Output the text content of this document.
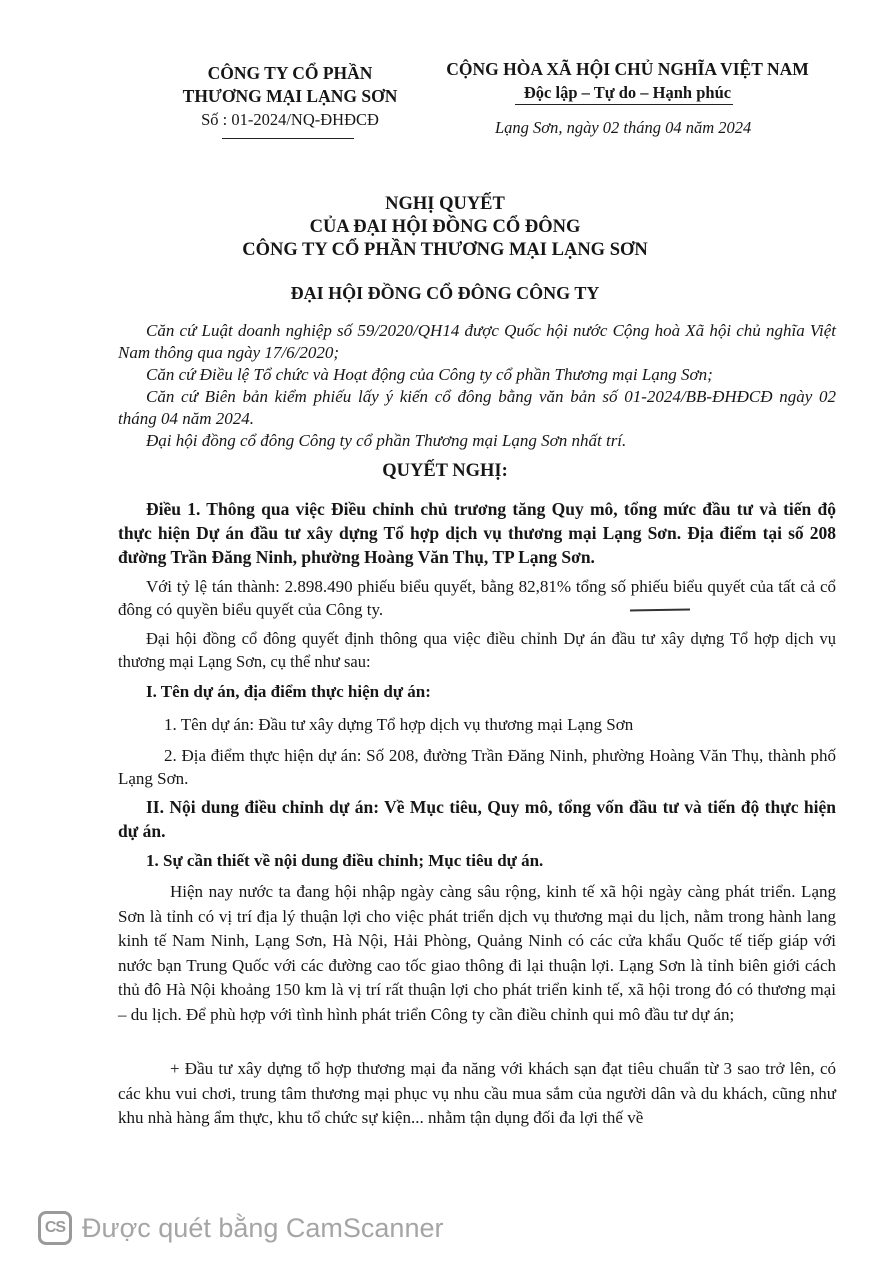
CÔNG TY CỔ PHẦN
THƯƠNG MẠI LẠNG SƠN
Số : 01-2024/NQ-ĐHĐCĐ
CỘNG HÒA XÃ HỘI CHỦ NGHĨA VIỆT NAM
Độc lập – Tự do – Hạnh phúc
Lạng Sơn, ngày 02 tháng 04 năm 2024
NGHỊ QUYẾT
CỦA ĐẠI HỘI ĐỒNG CỔ ĐÔNG
CÔNG TY CỔ PHẦN THƯƠNG MẠI LẠNG SƠN
ĐẠI HỘI ĐỒNG CỔ ĐÔNG CÔNG TY
Căn cứ Luật doanh nghiệp số 59/2020/QH14 được Quốc hội nước Cộng hoà Xã hội chủ nghĩa Việt Nam thông qua ngày 17/6/2020;
Căn cứ Điều lệ Tổ chức và Hoạt động của Công ty cổ phần Thương mại Lạng Sơn;
Căn cứ Biên bản kiểm phiếu lấy ý kiến cổ đông bằng văn bản số 01-2024/BB-ĐHĐCĐ ngày 02 tháng 04 năm 2024.
Đại hội đồng cổ đông Công ty cổ phần Thương mại Lạng Sơn nhất trí.
QUYẾT NGHỊ:
Điều 1. Thông qua việc Điều chỉnh chủ trương tăng Quy mô, tổng mức đầu tư và tiến độ thực hiện Dự án đầu tư xây dựng Tổ hợp dịch vụ thương mại Lạng Sơn. Địa điểm tại số 208 đường Trần Đăng Ninh, phường Hoàng Văn Thụ, TP Lạng Sơn.
Với tỷ lệ tán thành: 2.898.490 phiếu biểu quyết, bằng 82,81% tổng số phiếu biểu quyết của tất cả cổ đông có quyền biểu quyết của Công ty.
Đại hội đồng cổ đông quyết định thông qua việc điều chỉnh Dự án đầu tư xây dựng Tổ hợp dịch vụ thương mại Lạng Sơn, cụ thể như sau:
I. Tên dự án, địa điểm thực hiện dự án:
1. Tên dự án: Đầu tư xây dựng Tổ hợp dịch vụ thương mại Lạng Sơn
2. Địa điểm thực hiện dự án: Số 208, đường Trần Đăng Ninh, phường Hoàng Văn Thụ, thành phố Lạng Sơn.
II. Nội dung điều chỉnh dự án: Về Mục tiêu, Quy mô, tổng vốn đầu tư và tiến độ thực hiện dự án.
1. Sự cần thiết về nội dung điều chỉnh; Mục tiêu dự án.
Hiện nay nước ta đang hội nhập ngày càng sâu rộng, kinh tế xã hội ngày càng phát triển. Lạng Sơn là tỉnh có vị trí địa lý thuận lợi cho việc phát triển dịch vụ thương mại du lịch, nằm trong hành lang kinh tế Nam Ninh, Lạng Sơn, Hà Nội, Hải Phòng, Quảng Ninh có các cửa khẩu Quốc tế tiếp giáp với nước bạn Trung Quốc với các đường cao tốc giao thông đi lại thuận lợi. Lạng Sơn là tỉnh biên giới cách thủ đô Hà Nội khoảng 150 km là vị trí rất thuận lợi cho phát triển kinh tế, xã hội trong đó có thương mại – du lịch. Để phù hợp với tình hình phát triển Công ty cần điều chỉnh qui mô đầu tư dự án;
+ Đầu tư xây dựng tổ hợp thương mại đa năng với khách sạn đạt tiêu chuẩn từ 3 sao trở lên, có các khu vui chơi, trung tâm thương mại phục vụ nhu cầu mua sắm của người dân và du khách, cũng như khu nhà hàng ẩm thực, khu tổ chức sự kiện... nhằm tận dụng đối đa lợi thế về
CS Được quét bằng CamScanner
